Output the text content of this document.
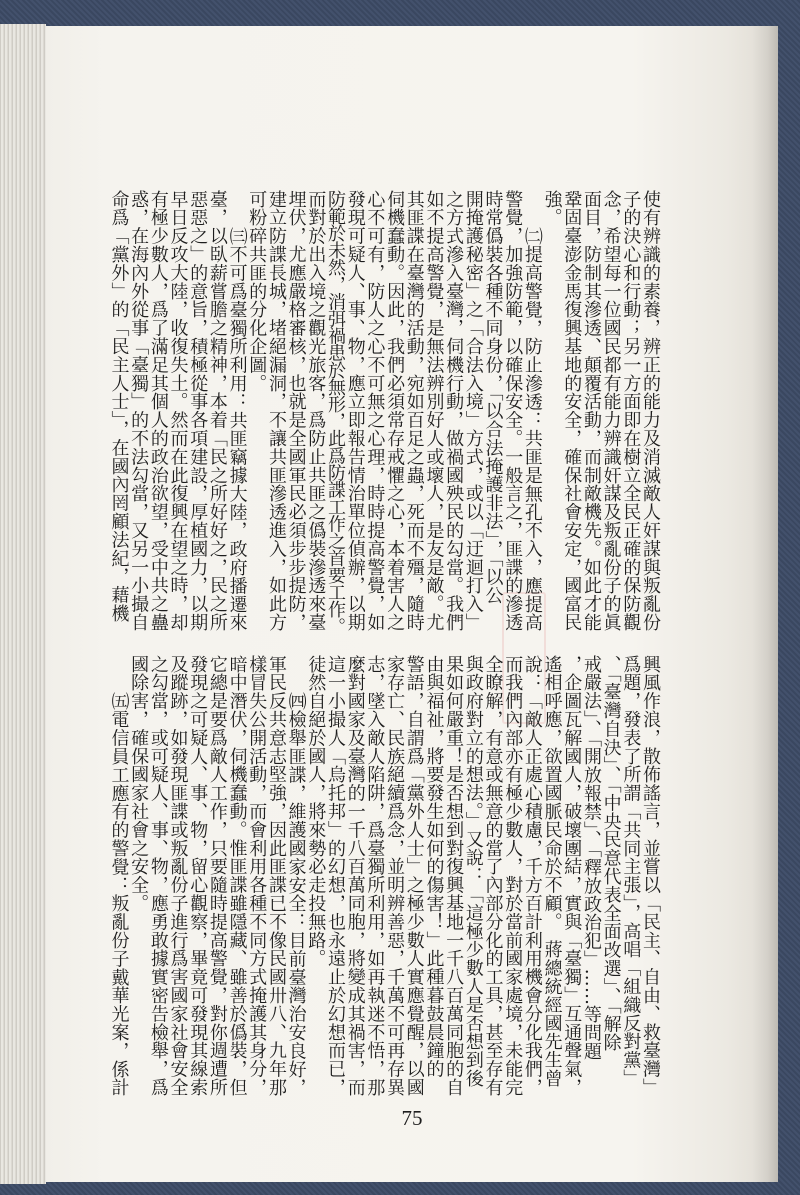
使有辨識的素養，辨正的能力及消滅敵人奸謀與叛亂份
子的決心和行動；另一方面即在樹立全民正確的保防觀
念，希望每一位國民都有能力辨識奸謀及叛亂份子的眞
面目，防制其滲透、顛覆活動，而制敵機先。如此才能
鞏固臺澎金馬復興基地的安全，確保社會安定，國富民
強。
㈡提高警覺，防止滲透：共匪是無孔不入，應提高
警覺，加強防範，以確保安全。一般言之，匪諜的滲透
時常僞裝各種不同身份，「以合法掩護非法」，「以公
開掩護秘密」之「合法入境」方式，或以「迂迴打入」
之方式滲入臺灣，伺機行動，做禍國殃民的勾當。我們
如不提高警覺，是無法辨別好人或壞人，是友是敵。尤
其匪諜在臺灣的活動，宛如百足之蟲，死而不殭，隨時
伺機蠢動。因此，我們必須常存戒懼之心，本着害人之
心不可有，防人之心不可無之心理，時時提高警覺，如
發現可疑人、事、物，應立即報告情治單位偵辦，以期
防範於未然，消弭禍患於無形，此爲防諜工作之首要工作。
而對於出入境之觀光旅客，爲防止共匪之僞裝滲透來臺
埋伏，尤應嚴格審核，也就是全國軍民必須步步提防，
建立防諜長城，堵絕漏洞，不讓共匪滲透進入，如此方
可粉碎共匪的分化企圖。
㈢不可爲臺獨所利用：共匪竊據大陸，政府播遷來
臺，以臥薪嘗膽之精神，本着「民之所好好之，民之所
惡惡之」的意旨，積極從事各項建設，厚植國力，以期
早日反攻大陸，收復失土。然而在此復興在望之時，却
有極少數人，爲了滿足其個人的政治欲望，受中共之蠱
惑，在海內外從事「臺獨」的不法勾當，又另一小撮自
命爲「黨外」的「民主人士」，在國內罔顧法紀，藉機
興風作浪，散佈謠言，並嘗以「民主、自由、救臺灣」
爲題，發表了所謂「共同主張」，高唱「組織反對黨」
、「臺灣自決」、「中央民意代表全面改選」、「解除
戒嚴法」、「開放報禁」、「釋放政治犯」……等問題
，企圖瓦解國人，破壞團結，實與「臺獨」互通聲氣，
遙相呼應，欲置國脈民命於不顧。　蔣總統經國先生曾
說：「敵人正處心積慮，千方百計利用機會分化我們，
而我們內部亦有極少數人，對於當前國家處境，未能完
全瞭解，有意或無意的當了內部分化的工具，甚至存有
與政府對立的想法。」又說：「這極少數人是否想到後
果如何嚴重！是否想到對復興基地一千八百萬同胞的自
由與福祉，將要發生如何的傷害！」此種暮鼓晨鐘的
警語，自謂爲「黨外人士」之極少數人實應覺醒，以國
家存亡、民族絕續爲念，並明辨善惡，千萬不可再存異
志，墜入敵人陷阱，爲臺獨所利用，如再執迷不悟，那
麼對國家及臺灣的一千八百萬同胞，將變成其禍害，而
這一小撮人「烏托邦」的幻想，也永遠止於幻想而已，
徒然自絕於國人，將來勢必走投無路。
㈣檢舉匪諜，維護國家安全：目前臺灣治安良好，
軍民反共意志堅強，因此匪諜已不像民國卅八、九年那
樣冒失公開活動，而會利用各種不同方式掩護其身分，
暗中潛伏，伺機蠢動。惟匪諜雖隱藏、雖善於僞裝，但
它總是要爲敵人工作，只要隨時提高警覺，對你週遭所
發現之可疑人、事、物，留心觀察，畢竟可發現其線索
及蹤跡，如發現匪諜或叛亂份子進行爲害國家社會安全
之勾當，或可疑人、事、物，應勇敢據實密告檢舉，爲
國除害，確保國家社會之安全。
㈤電信員工應有的警覺：叛亂份子戴華光案，係計
75
